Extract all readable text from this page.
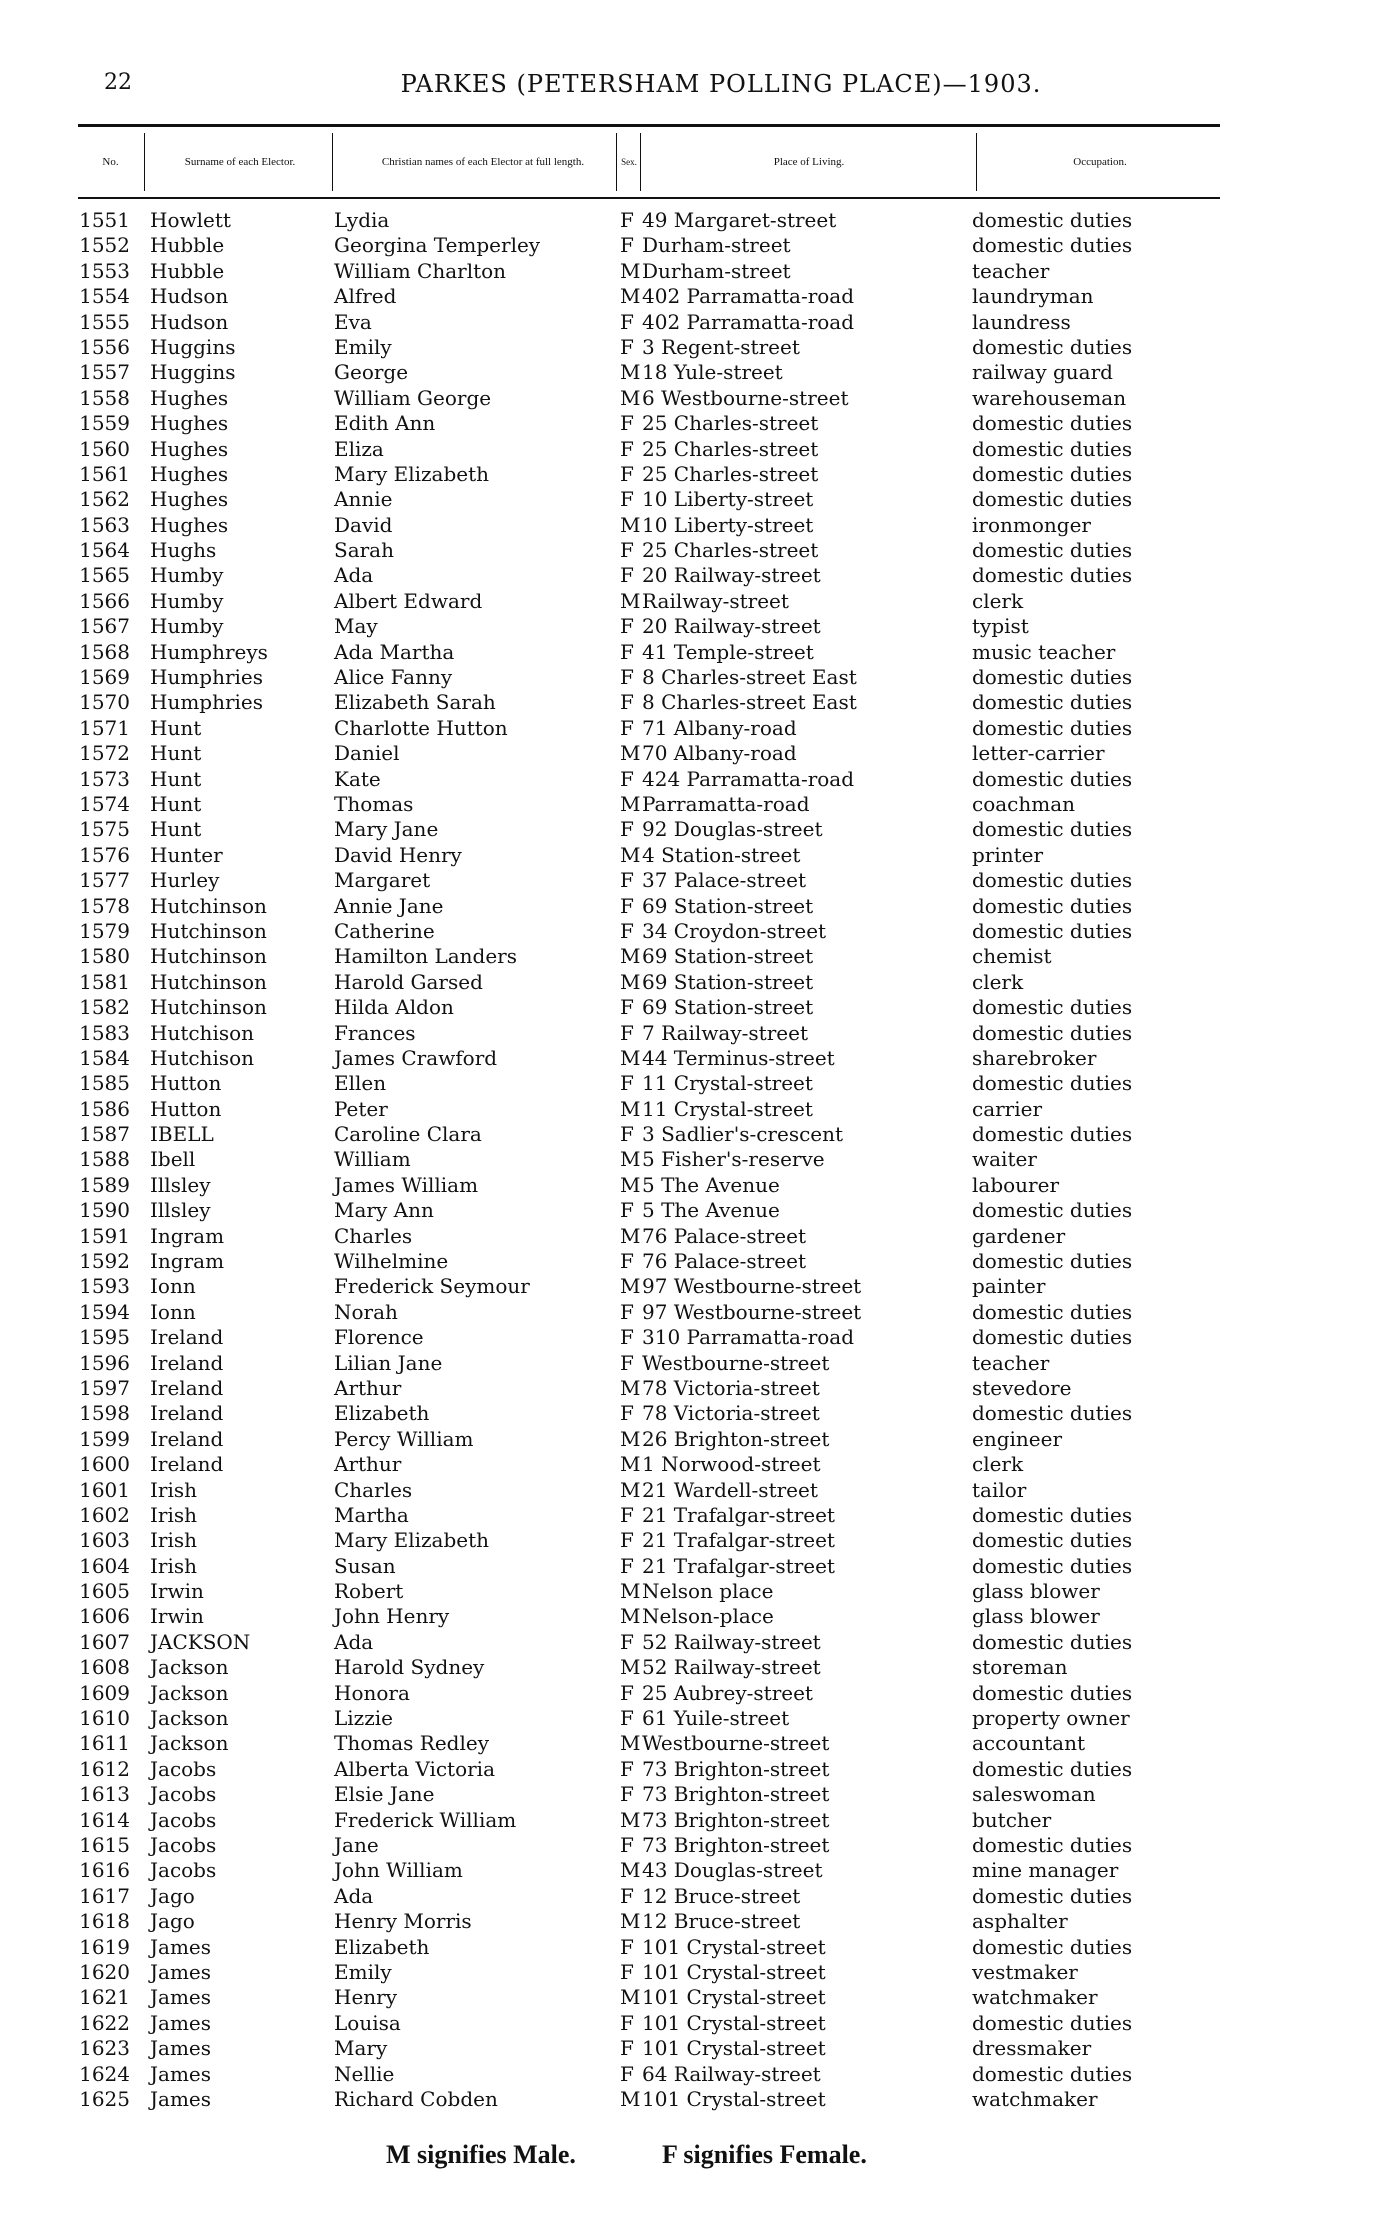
22	PARKES (PETERSHAM POLLING PLACE)—1903.
No.	Surname of each Elector.	Christian names of each Elector at full length.	Sex.	Place of Living.	Occupation.
1551 Howlett	Lydia	F 49 Margaret-street	domestic duties
1552 Hubble	Georgina Temperley	F Durham-street	domestic duties
1553 Hubble	William Charlton	M Durham-street	teacher
1554 Hudson	Alfred	M 402 Parramatta-road	laundryman
1555 Hudson	Eva	F 402 Parramatta-road	laundress
1556 Huggins	Emily	F 3 Regent-street	domestic duties
1557 Huggins	George	M 18 Yule-street	railway guard
1558 Hughes	William George	M 6 Westbourne-street	warehouseman
1559 Hughes	Edith Ann	F 25 Charles-street	domestic duties
1560 Hughes	Eliza	F 25 Charles-street	domestic duties
1561 Hughes	Mary Elizabeth	F 25 Charles-street	domestic duties
1562 Hughes	Annie	F 10 Liberty-street	domestic duties
1563 Hughes	David	M 10 Liberty-street	ironmonger
1564 Hughs	Sarah	F 25 Charles-street	domestic duties
1565 Humby	Ada	F 20 Railway-street	domestic duties
1566 Humby	Albert Edward	M Railway-street	clerk
1567 Humby	May	F 20 Railway-street	typist
1568 Humphreys	Ada Martha	F 41 Temple-street	music teacher
1569 Humphries	Alice Fanny	F 8 Charles-street East	domestic duties
1570 Humphries	Elizabeth Sarah	F 8 Charles-street East	domestic duties
1571 Hunt	Charlotte Hutton	F 71 Albany-road	domestic duties
1572 Hunt	Daniel	M 70 Albany-road	letter-carrier
1573 Hunt	Kate	F 424 Parramatta-road	domestic duties
1574 Hunt	Thomas	M Parramatta-road	coachman
1575 Hunt	Mary Jane	F 92 Douglas-street	domestic duties
1576 Hunter	David Henry	M 4 Station-street	printer
1577 Hurley	Margaret	F 37 Palace-street	domestic duties
1578 Hutchinson	Annie Jane	F 69 Station-street	domestic duties
1579 Hutchinson	Catherine	F 34 Croydon-street	domestic duties
1580 Hutchinson	Hamilton Landers	M 69 Station-street	chemist
1581 Hutchinson	Harold Garsed	M 69 Station-street	clerk
1582 Hutchinson	Hilda Aldon	F 69 Station-street	domestic duties
1583 Hutchison	Frances	F 7 Railway-street	domestic duties
1584 Hutchison	James Crawford	M 44 Terminus-street	sharebroker
1585 Hutton	Ellen	F 11 Crystal-street	domestic duties
1586 Hutton	Peter	M 11 Crystal-street	carrier
1587 IBELL	Caroline Clara	F 3 Sadlier's-crescent	domestic duties
1588 Ibell	William	M 5 Fisher's-reserve	waiter
1589 Illsley	James William	M 5 The Avenue	labourer
1590 Illsley	Mary Ann	F 5 The Avenue	domestic duties
1591 Ingram	Charles	M 76 Palace-street	gardener
1592 Ingram	Wilhelmine	F 76 Palace-street	domestic duties
1593 Ionn	Frederick Seymour	M 97 Westbourne-street	painter
1594 Ionn	Norah	F 97 Westbourne-street	domestic duties
1595 Ireland	Florence	F 310 Parramatta-road	domestic duties
1596 Ireland	Lilian Jane	F Westbourne-street	teacher
1597 Ireland	Arthur	M 78 Victoria-street	stevedore
1598 Ireland	Elizabeth	F 78 Victoria-street	domestic duties
1599 Ireland	Percy William	M 26 Brighton-street	engineer
1600 Ireland	Arthur	M 1 Norwood-street	clerk
1601 Irish	Charles	M 21 Wardell-street	tailor
1602 Irish	Martha	F 21 Trafalgar-street	domestic duties
1603 Irish	Mary Elizabeth	F 21 Trafalgar-street	domestic duties
1604 Irish	Susan	F 21 Trafalgar-street	domestic duties
1605 Irwin	Robert	M Nelson place	glass blower
1606 Irwin	John Henry	M Nelson-place	glass blower
1607 JACKSON	Ada	F 52 Railway-street	domestic duties
1608 Jackson	Harold Sydney	M 52 Railway-street	storeman
1609 Jackson	Honora	F 25 Aubrey-street	domestic duties
1610 Jackson	Lizzie	F 61 Yuile-street	property owner
1611 Jackson	Thomas Redley	M Westbourne-street	accountant
1612 Jacobs	Alberta Victoria	F 73 Brighton-street	domestic duties
1613 Jacobs	Elsie Jane	F 73 Brighton-street	saleswoman
1614 Jacobs	Frederick William	M 73 Brighton-street	butcher
1615 Jacobs	Jane	F 73 Brighton-street	domestic duties
1616 Jacobs	John William	M 43 Douglas-street	mine manager
1617 Jago	Ada	F 12 Bruce-street	domestic duties
1618 Jago	Henry Morris	M 12 Bruce-street	asphalter
1619 James	Elizabeth	F 101 Crystal-street	domestic duties
1620 James	Emily	F 101 Crystal-street	vestmaker
1621 James	Henry	M 101 Crystal-street	watchmaker
1622 James	Louisa	F 101 Crystal-street	domestic duties
1623 James	Mary	F 101 Crystal-street	dressmaker
1624 James	Nellie	F 64 Railway-street	domestic duties
1625 James	Richard Cobden	M 101 Crystal-street	watchmaker
M signifies Male.	F signifies Female.
